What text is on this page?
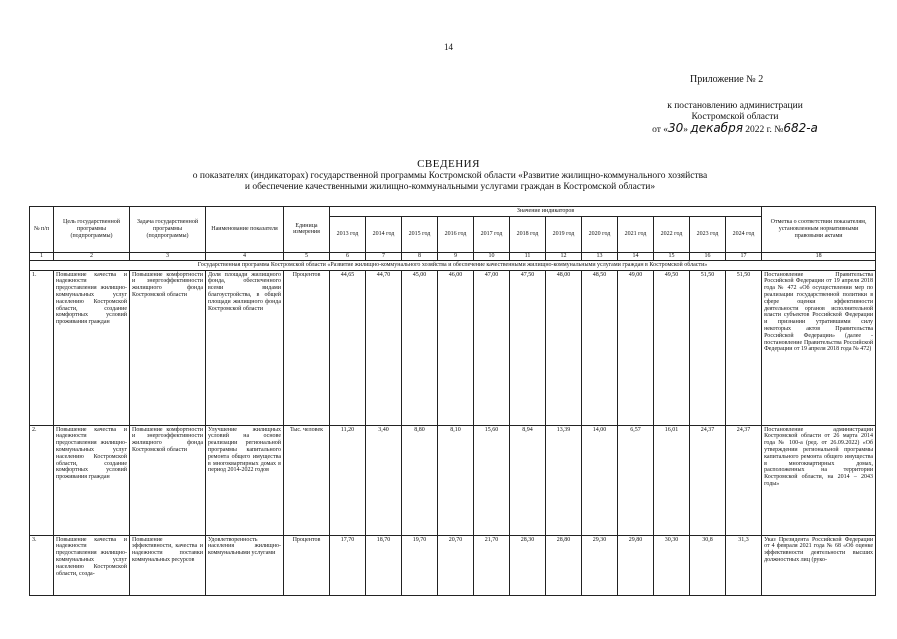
14
Приложение № 2
к постановлению администрации
Костромской области
от «30» декабря 2022 г. №682-а
СВЕДЕНИЯ
о показателях (индикаторах) государственной программы Костромской области «Развитие жилищно-коммунального хозяйства
и обеспечение качественными жилищно-коммунальными услугами граждан в Костромской области»
№ п/п	Цель государственной программы (подпрограммы)	Задача государственной программы (подпрограммы)	Наименование показателя	Единица измерения	Значение индикаторов												Отметка о соответствии показателям, установленным нормативными правовыми актами
					2013 год	2014 год	2015 год	2016 год	2017 год	2018 год	2019 год	2020 год	2021 год	2022 год	2023 год	2024 год	
1	2	3	4	5	6	7	8	9	10	11	12	13	14	15	16	17	18
Государственная программа Костромской области «Развитие жилищно-коммунального хозяйства и обеспечение качественными жилищно-коммунальными услугами граждан в Костромской области»																	
1.	Повышение качества и надежности предоставления жилищно-коммунальных услуг населению Костромской области, создание комфортных условий проживания граждан	Повышение комфортности и энергоэффективности жилищного фонда Костромской области	Доля площади жилищного фонда, обеспеченного всеми видами благоустройства, в общей площади жилищного фонда Костромской области	Процентов	44,65	44,70	45,00	46,00	47,00	47,50	48,00	48,50	49,00	49,50	51,50	51,50	Постановление Правительства Российской Федерации от 19 апреля 2018 года № 472 «Об осуществлении мер по реализации государственной политики в сфере оценки эффективности деятельности органов исполнительной власти субъектов Российской Федерации и признании утратившими силу некоторых актов Правительства Российской Федерации» (далее - постановление Правительства Российской Федерации от 19 апреля 2018 года № 472)
2.	Повышение качества и надежности предоставления жилищно-коммунальных услуг населению Костромской области, создание комфортных условий проживания граждан	Повышение комфортности и энергоэффективности жилищного фонда Костромской области	Улучшение жилищных условий на основе реализации региональной программы капитального ремонта общего имущества в многоквартирных домах в период 2014-2022 годов	Тыс. человек	11,20	3,40	8,80	8,10	15,60	8,94	13,39	14,00	6,57	16,01	24,37	24,37	Постановление администрации Костромской области от 26 марта 2014 года № 100-а (ред. от 26.09.2022) «Об утверждении региональной программы капитального ремонта общего имущества в многоквартирных домах, расположенных на территории Костромской области, на 2014 – 2043 годы»
3.	Повышение качества и надежности предоставления жилищно-коммунальных услуг населению Костромской области, созда-	Повышение эффективности, качества и надежности поставки коммунальных ресурсов	Удовлетворенность населения жилищно-коммунальными услугами	Процентов	17,70	18,70	19,70	20,70	21,70	28,30	28,80	29,30	29,80	30,30	30,8	31,3	Указ Президента Российской Федерации от 4 февраля 2021 года № 68 «Об оценке эффективности деятельности высших должностных лиц (руко-
